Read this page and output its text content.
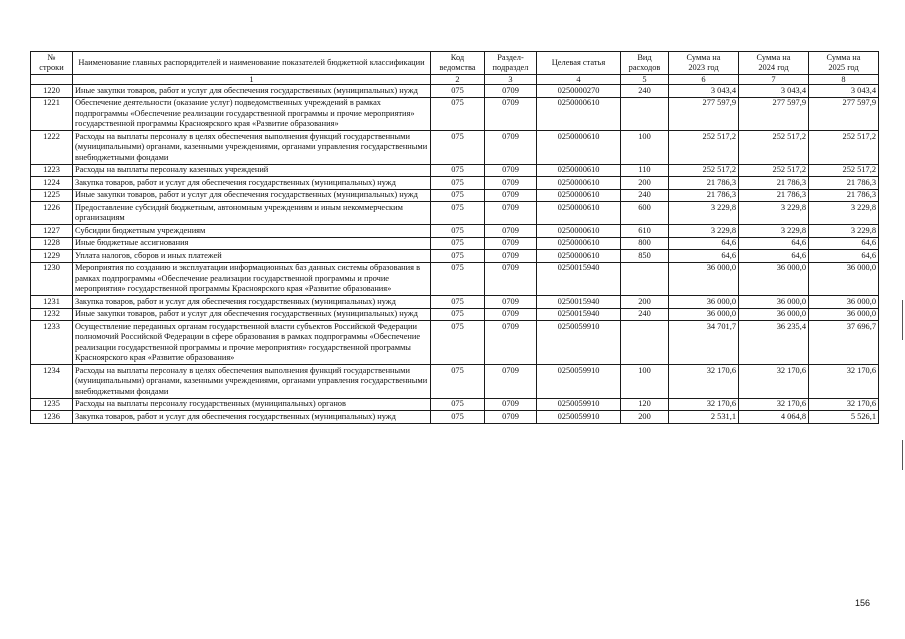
№
строки	Наименование главных распорядителей и наименование показателей бюджетной классификации	Код
ведомства	Раздел-
подраздел	Целевая статья	Вид
расходов	Сумма на
2023 год	Сумма на
2024 год	Сумма на
2025 год
	1	2	3	4	5	6	7	8
1220	Иные закупки товаров, работ и услуг для обеспечения государственных (муниципальных) нужд	075	0709	0250000270	240	3 043,4	3 043,4	3 043,4
1221	Обеспечение деятельности (оказание услуг) подведомственных учреждений в рамках подпрограммы «Обеспечение реализации государственной программы и прочие мероприятия» государственной программы Красноярского края «Развитие образования»	075	0709	0250000610		277 597,9	277 597,9	277 597,9
1222	Расходы на выплаты персоналу в целях обеспечения выполнения функций государственными (муниципальными) органами, казенными учреждениями, органами управления государственными внебюджетными фондами	075	0709	0250000610	100	252 517,2	252 517,2	252 517,2
1223	Расходы на выплаты персоналу казенных учреждений	075	0709	0250000610	110	252 517,2	252 517,2	252 517,2
1224	Закупка товаров, работ и услуг для обеспечения государственных (муниципальных) нужд	075	0709	0250000610	200	21 786,3	21 786,3	21 786,3
1225	Иные закупки товаров, работ и услуг для обеспечения государственных (муниципальных) нужд	075	0709	0250000610	240	21 786,3	21 786,3	21 786,3
1226	Предоставление субсидий бюджетным, автономным учреждениям и иным некоммерческим организациям	075	0709	0250000610	600	3 229,8	3 229,8	3 229,8
1227	Субсидии бюджетным учреждениям	075	0709	0250000610	610	3 229,8	3 229,8	3 229,8
1228	Иные бюджетные ассигнования	075	0709	0250000610	800	64,6	64,6	64,6
1229	Уплата налогов, сборов и иных платежей	075	0709	0250000610	850	64,6	64,6	64,6
1230	Мероприятия по созданию и эксплуатации информационных баз данных системы образования в рамках подпрограммы «Обеспечение реализации государственной программы и прочие мероприятия» государственной программы Красноярского края «Развитие образования»	075	0709	0250015940		36 000,0	36 000,0	36 000,0
1231	Закупка товаров, работ и услуг для обеспечения государственных (муниципальных) нужд	075	0709	0250015940	200	36 000,0	36 000,0	36 000,0
1232	Иные закупки товаров, работ и услуг для обеспечения государственных (муниципальных) нужд	075	0709	0250015940	240	36 000,0	36 000,0	36 000,0
1233	Осуществление переданных органам государственной власти субъектов Российской Федерации полномочий Российской Федерации в сфере образования в рамках подпрограммы «Обеспечение реализации государственной программы и прочие мероприятия» государственной программы Красноярского края «Развитие образования»	075	0709	0250059910		34 701,7	36 235,4	37 696,7
1234	Расходы на выплаты персоналу в целях обеспечения выполнения функций государственными (муниципальными) органами, казенными учреждениями, органами управления государственными внебюджетными фондами	075	0709	0250059910	100	32 170,6	32 170,6	32 170,6
1235	Расходы на выплаты персоналу государственных (муниципальных) органов	075	0709	0250059910	120	32 170,6	32 170,6	32 170,6
1236	Закупка товаров, работ и услуг для обеспечения государственных (муниципальных) нужд	075	0709	0250059910	200	2 531,1	4 064,8	5 526,1
156
